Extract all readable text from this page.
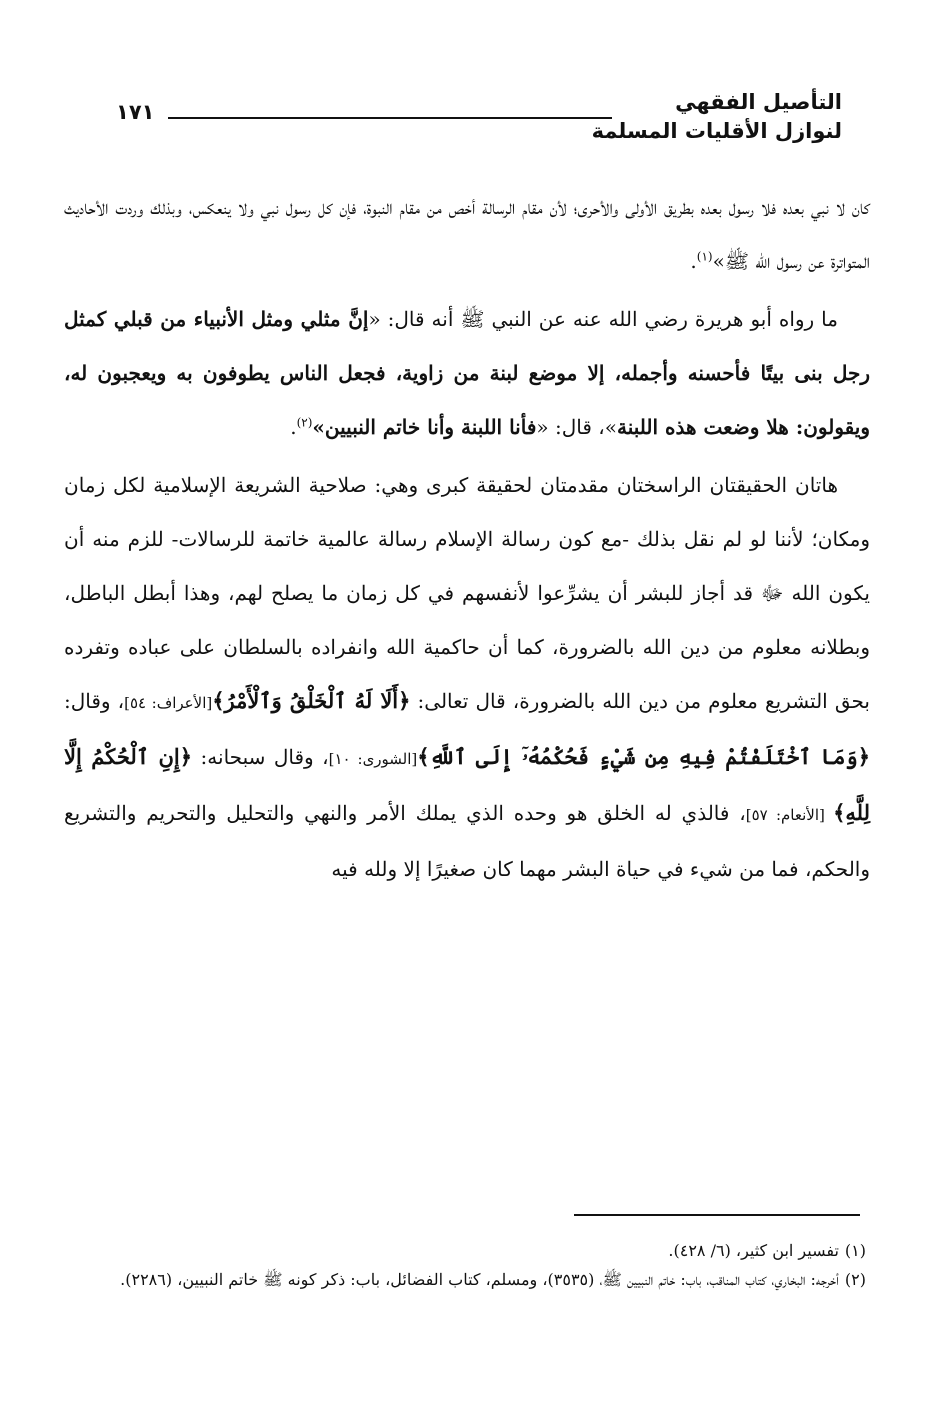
التأصيل الفقهي
لنوازل الأقليات المسلمة
١٧١

كان لا نبي بعده فلا رسول بعده بطريق الأولى والأحرى؛ لأن مقام الرسالة أخص من مقام النبوة، فإن كل رسول نبي ولا ينعكس، وبذلك وردت الأحاديث المتواترة عن رسول الله ﷺ»$^{(١)}$.

ما رواه أبو هريرة رضي الله عنه عن النبي ﷺ أنه قال: «إنَّ مثلي ومثل الأنبياء من قبلي كمثل رجل بنى بيتًا فأحسنه وأجمله، إلا موضع لبنة من زاوية، فجعل الناس يطوفون به ويعجبون له، ويقولون: هلا وضعت هذه اللبنة»، قال: «فأنا اللبنة وأنا خاتم النبيين»$^{(٢)}$.

هاتان الحقيقتان الراسختان مقدمتان لحقيقة كبرى وهي: صلاحية الشريعة الإسلامية لكل زمان ومكان؛ لأننا لو لم نقل بذلك -مع كون رسالة الإسلام رسالة عالمية خاتمة للرسالات- للزم منه أن يكون الله ﷻ قد أجاز للبشر أن يشرِّعوا لأنفسهم في كل زمان ما يصلح لهم، وهذا أبطل الباطل، وبطلانه معلوم من دين الله بالضرورة، كما أن حاكمية الله وانفراده بالسلطان على عباده وتفرده بحق التشريع معلوم من دين الله بالضرورة، قال تعالى: ﴿أَلَا لَهُ ٱلْخَلْقُ وَٱلْأَمْرُ﴾[الأعراف: ٥٤]، وقال: ﴿وَمَا ٱخْتَلَفْتُمْ فِيهِ مِن شَيْءٍ فَحُكْمُهُۥٓ إِلَى ٱللَّهِ﴾[الشورى: ١٠]، وقال سبحانه: ﴿إِنِ ٱلْحُكْمُ إِلَّا لِلَّهِ﴾ [الأنعام: ٥٧]، فالذي له الخلق هو وحده الذي يملك الأمر والنهي والتحليل والتحريم والتشريع والحكم، فما من شيء في حياة البشر مهما كان صغيرًا إلا ولله فيه

(١)تفسير ابن كثير، (٦/ ٤٢٨).

(٢)أخرجه: البخاري، كتاب المناقب، باب: خاتم النبيين ﷺ، (٣٥٣٥)، ومسلم، كتاب الفضائل، باب: ذكر كونه ﷺ خاتم النبيين، (٢٢٨٦).
